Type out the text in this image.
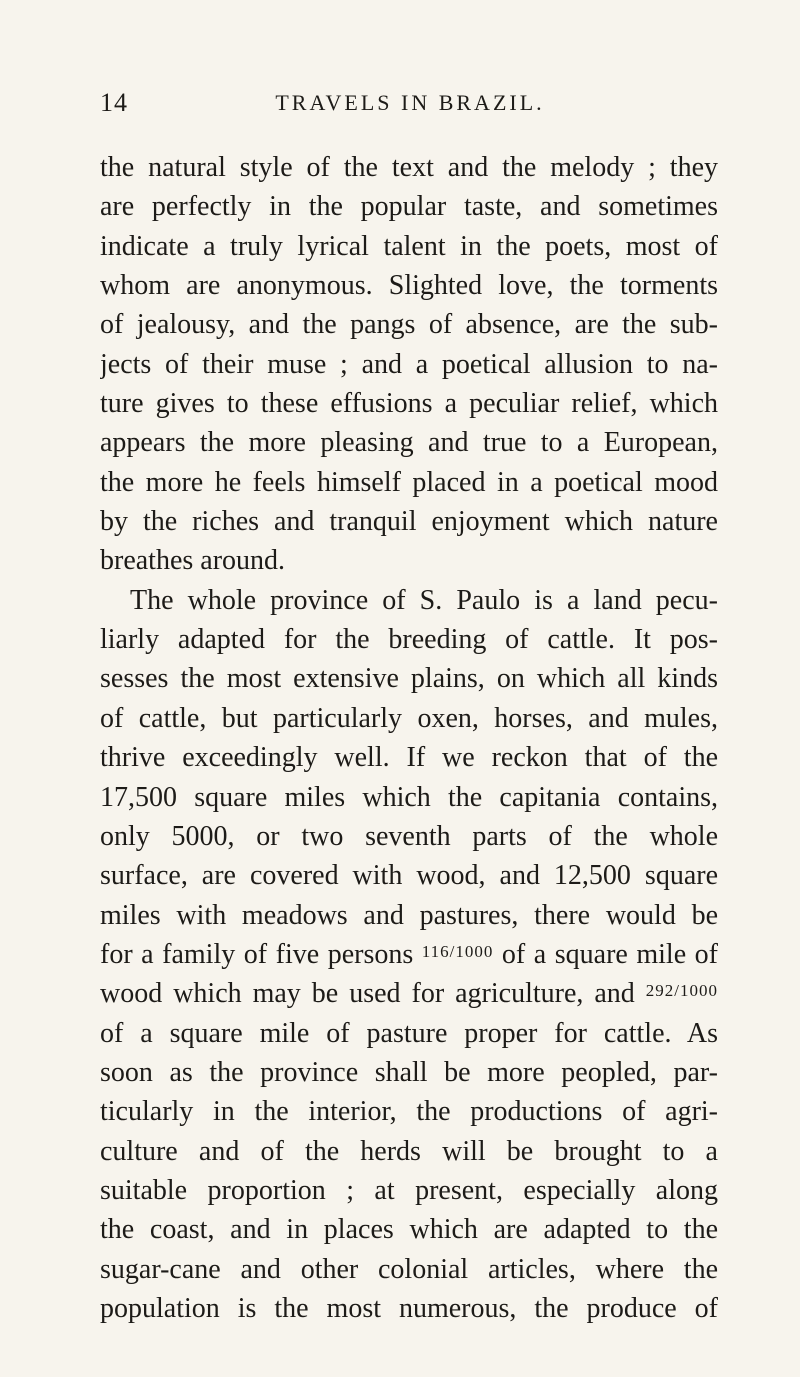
14	TRAVELS IN BRAZIL.
the natural style of the text and the melody ; they
are perfectly in the popular taste, and sometimes
indicate a truly lyrical talent in the poets, most of
whom are anonymous. Slighted love, the torments
of jealousy, and the pangs of absence, are the sub-
jects of their muse ; and a poetical allusion to na-
ture gives to these effusions a peculiar relief, which
appears the more pleasing and true to a European,
the more he feels himself placed in a poetical mood
by the riches and tranquil enjoyment which nature
breathes around.
The whole province of S. Paulo is a land pecu-
liarly adapted for the breeding of cattle. It pos-
sesses the most extensive plains, on which all kinds
of cattle, but particularly oxen, horses, and mules,
thrive exceedingly well. If we reckon that of the
17,500 square miles which the capitania contains,
only 5000, or two seventh parts of the whole
surface, are covered with wood, and 12,500 square
miles with meadows and pastures, there would be
for a family of five persons $^{116/1000}$ of a square mile of
wood which may be used for agriculture, and $^{292/1000}$
of a square mile of pasture proper for cattle. As
soon as the province shall be more peopled, par-
ticularly in the interior, the productions of agri-
culture and of the herds will be brought to a
suitable proportion ; at present, especially along
the coast, and in places which are adapted to the
sugar-cane and other colonial articles, where the
population is the most numerous, the produce of
